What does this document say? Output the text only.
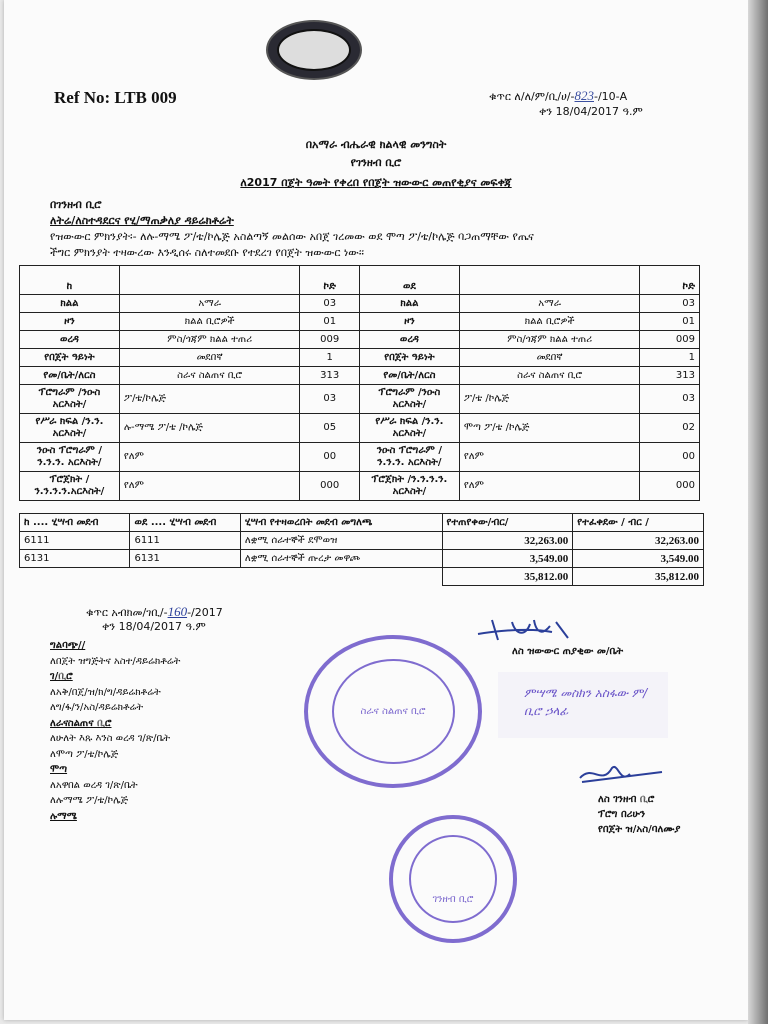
Ref No: LTB 009	ቁጥር ለ/ለ/ም/ቢ/ሀ/-823-/10-A
ቀን 18/04/2017 ዓ.ም
በአማራ ብሔራዊ ክልላዊ መንግስት
የገንዘብ ቢሮ
ለ2017 በጀት ዓመት የቀረበ የበጀት ዝውውር መጠየቂያና መፍቀጃ
በገንዘብ ቢሮ
ለትሬ/ለስተዳደርና የሂ/ማጠቃለያ ዳይሬክቶሬት
የዝውውር ምክንያት፡- ለሉ-ማሜ ፖ/ቴ/ኮሌጅ አስልጣኝ መልሰው አበጀ ገረመው ወደ ሞጣ ፖ/ቴ/ኮሌጅ ባጋጠማቸው የጤና
ችግር ምክንያት ተዛውረው እንዲሰሩ ስለተመደቡ የተደረገ የበጀት ዝውውር ነው፡፡
ከ		ኮድ	ወደ		ኮድ
ክልል	አማራ	03	ክልል	አማራ	03
ዞን	ክልል ቢሮዎች	01	ዞን	ክልል ቢሮዎች	01
ወረዳ	ምስ/ጎጃም ክልል ተጠሪ	009	ወረዳ	ምስ/ጎጃም ክልል ተጠሪ	009
የበጀት ዓይነት	መደበኛ	1	የበጀት ዓይነት	መደበኛ	1
የመ/ቤት/ለርስ	ስራና ስልጠና ቢሮ	313	የመ/ቤት/ለርስ	ስራና ስልጠና ቢሮ	313
ፕሮግራም /ንዑስ አርእስት/	ፖ/ቴ/ኮሌጅ	03	ፕሮግራም /ንዑስ አርእስት/	ፖ/ቴ /ኮሌጅ	03
የሥራ ክፍል /ን.ን. አርእስት/	ሉ-ማሜ ፖ/ቴ /ኮሌጅ	05	የሥራ ክፍል /ን.ን. አርእስት/	ሞጣ ፖ/ቴ /ኮሌጅ	02
ንዑስ ፕሮግራም /ን.ን.ን. አርእስት/	የለም	00	ንዑስ ፕሮግራም /ን.ን.ን. አርእስት/	የለም	00
ፕሮጀክት /ን.ን.ን.ን.አርእስት/	የለም	000	ፕሮጀክት /ን.ን.ን.ን. አርእስት/	የለም	000
ከ .... ሂሣብ መደብ	ወደ .... ሂሣብ መደብ	ሂሣብ የተዛወረበት መደብ መግለጫ	የተጠየቀው/ብር/	የተፈቀደው / ብር /
6111	6111	ለቋሚ ሰራተኞች ደሞወዝ	32,263.00	32,263.00
6131	6131	ለቋሚ ሰራተኞች ጡረታ መዋጮ	3,549.00	3,549.00
			35,812.00	35,812.00
ቁጥር አብክመ/ገቢ/-160-/2017
ቀን 18/04/2017 ዓ.ም
ግልባጭ//
ለበጀት ዝግጅትና አስተ/ዳይሬክቶሬት
ገ/ቢሮ
ለአቅ/በጀ/ዝ/ክ/ግ/ዳይሬክቶሬት
ለግ/ፋ/ን/አስ/ዳይሬክቶሬት
ለራናስልጠና ቢሮ
ለሁለት እጹ እንስ ወረዳ ገ/ጽ/ቤት
ለሞጣ ፖ/ቴ/ኮሌጅ
ሞጣ
ለአዋበል ወረዳ ገ/ጽ/ቤት
ለሉማሜ ፖ/ቴ/ኮሌጅ
ሉማሜ
ስራና ስልጠና ቢሮ
ለስ ዝውውር ጠያቂው መ/ቤት
ምሣሜ መስክን አስፋው ም/ቢሮ ኃላፊ
ለስ ገንዘብ ቢሮ
ፕሮግ በሪሁን
የበጀት ዝ/አስ/ባለሙያ
ገንዘብ ቢሮ
